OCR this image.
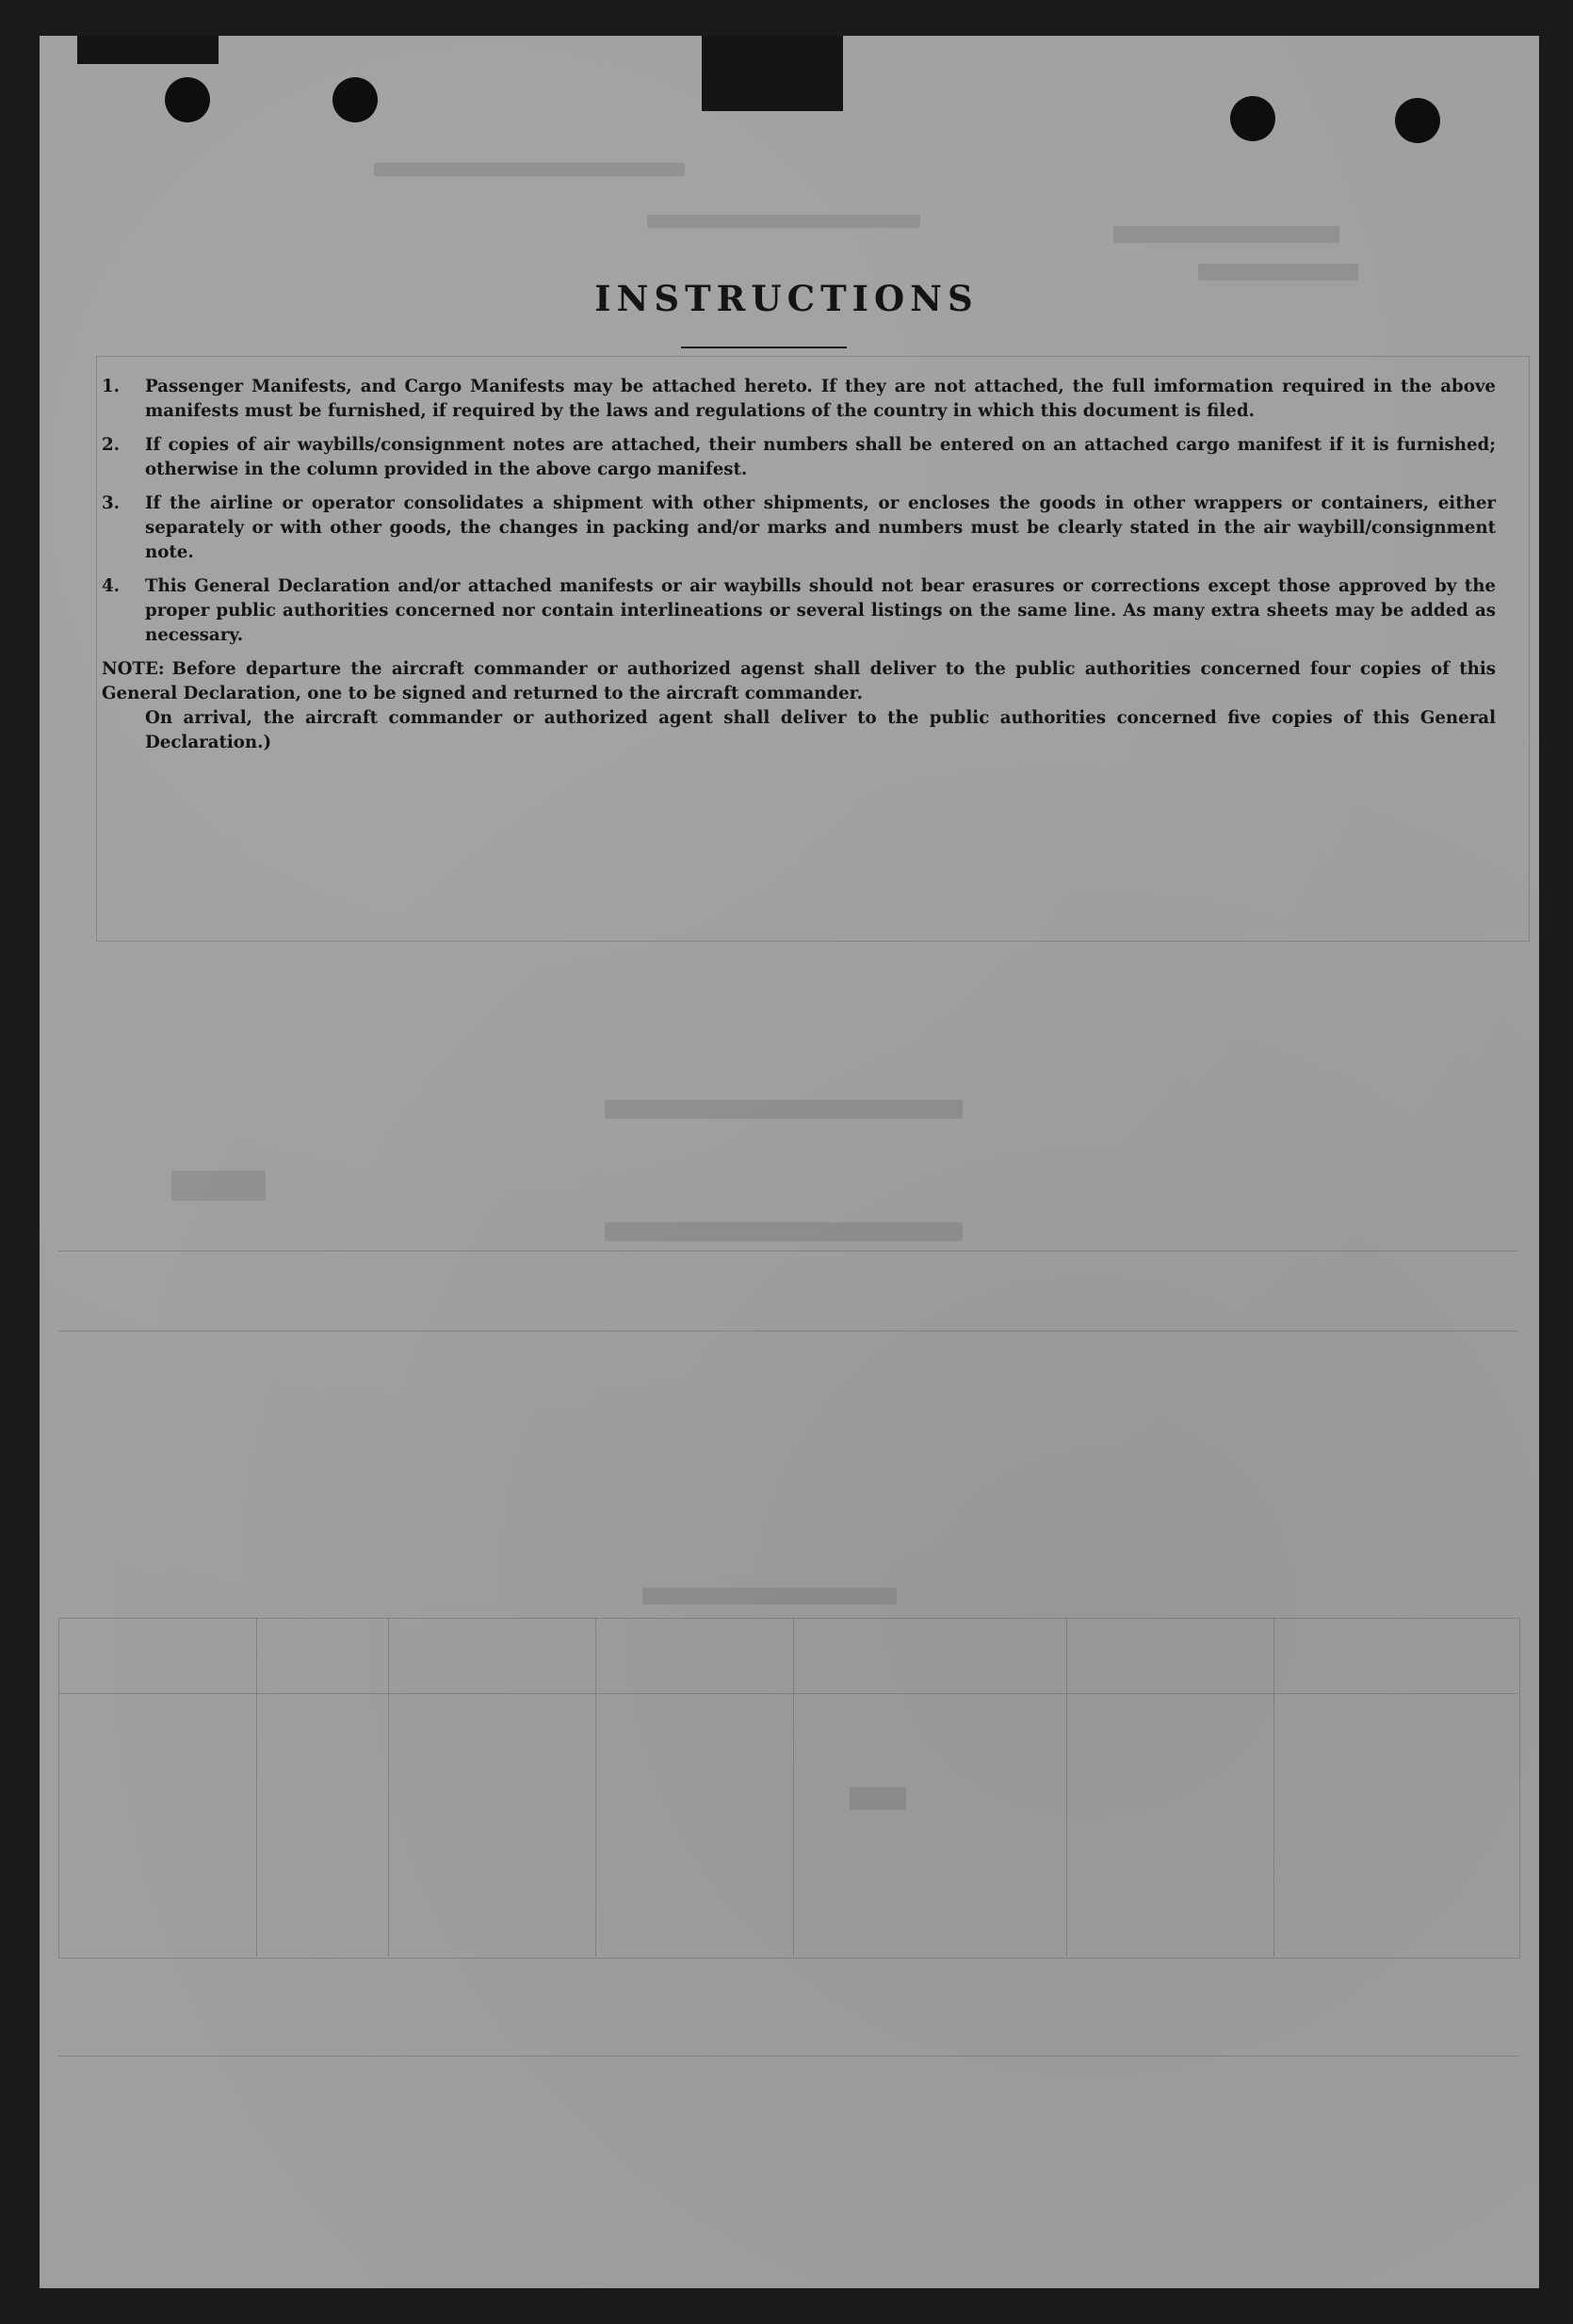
INSTRUCTIONS
1.	Passenger Manifests, and Cargo Manifests may be attached hereto. If they are not attached, the full imformation required in the above manifests must be furnished, if required by the laws and regulations of the country in which this document is filed.
2.	If copies of air waybills/consignment notes are attached, their numbers shall be entered on an attached cargo manifest if it is furnished; otherwise in the column provided in the above cargo manifest.
3.	If the airline or operator consolidates a shipment with other shipments, or encloses the goods in other wrappers or containers, either separately or with other goods, the changes in packing and/or marks and numbers must be clearly stated in the air waybill/consignment note.
4.	This General Declaration and/or attached manifests or air waybills should not bear erasures or corrections except those approved by the proper public authorities concerned nor contain interlineations or several listings on the same line. As many extra sheets may be added as necessary.
NOTE: Before departure the aircraft commander or authorized agenst shall deliver to the public authorities concerned four copies of this General Declaration, one to be signed and returned to the aircraft commander.
On arrival, the aircraft commander or authorized agent shall deliver to the public authorities concerned five copies of this General Declaration.)
